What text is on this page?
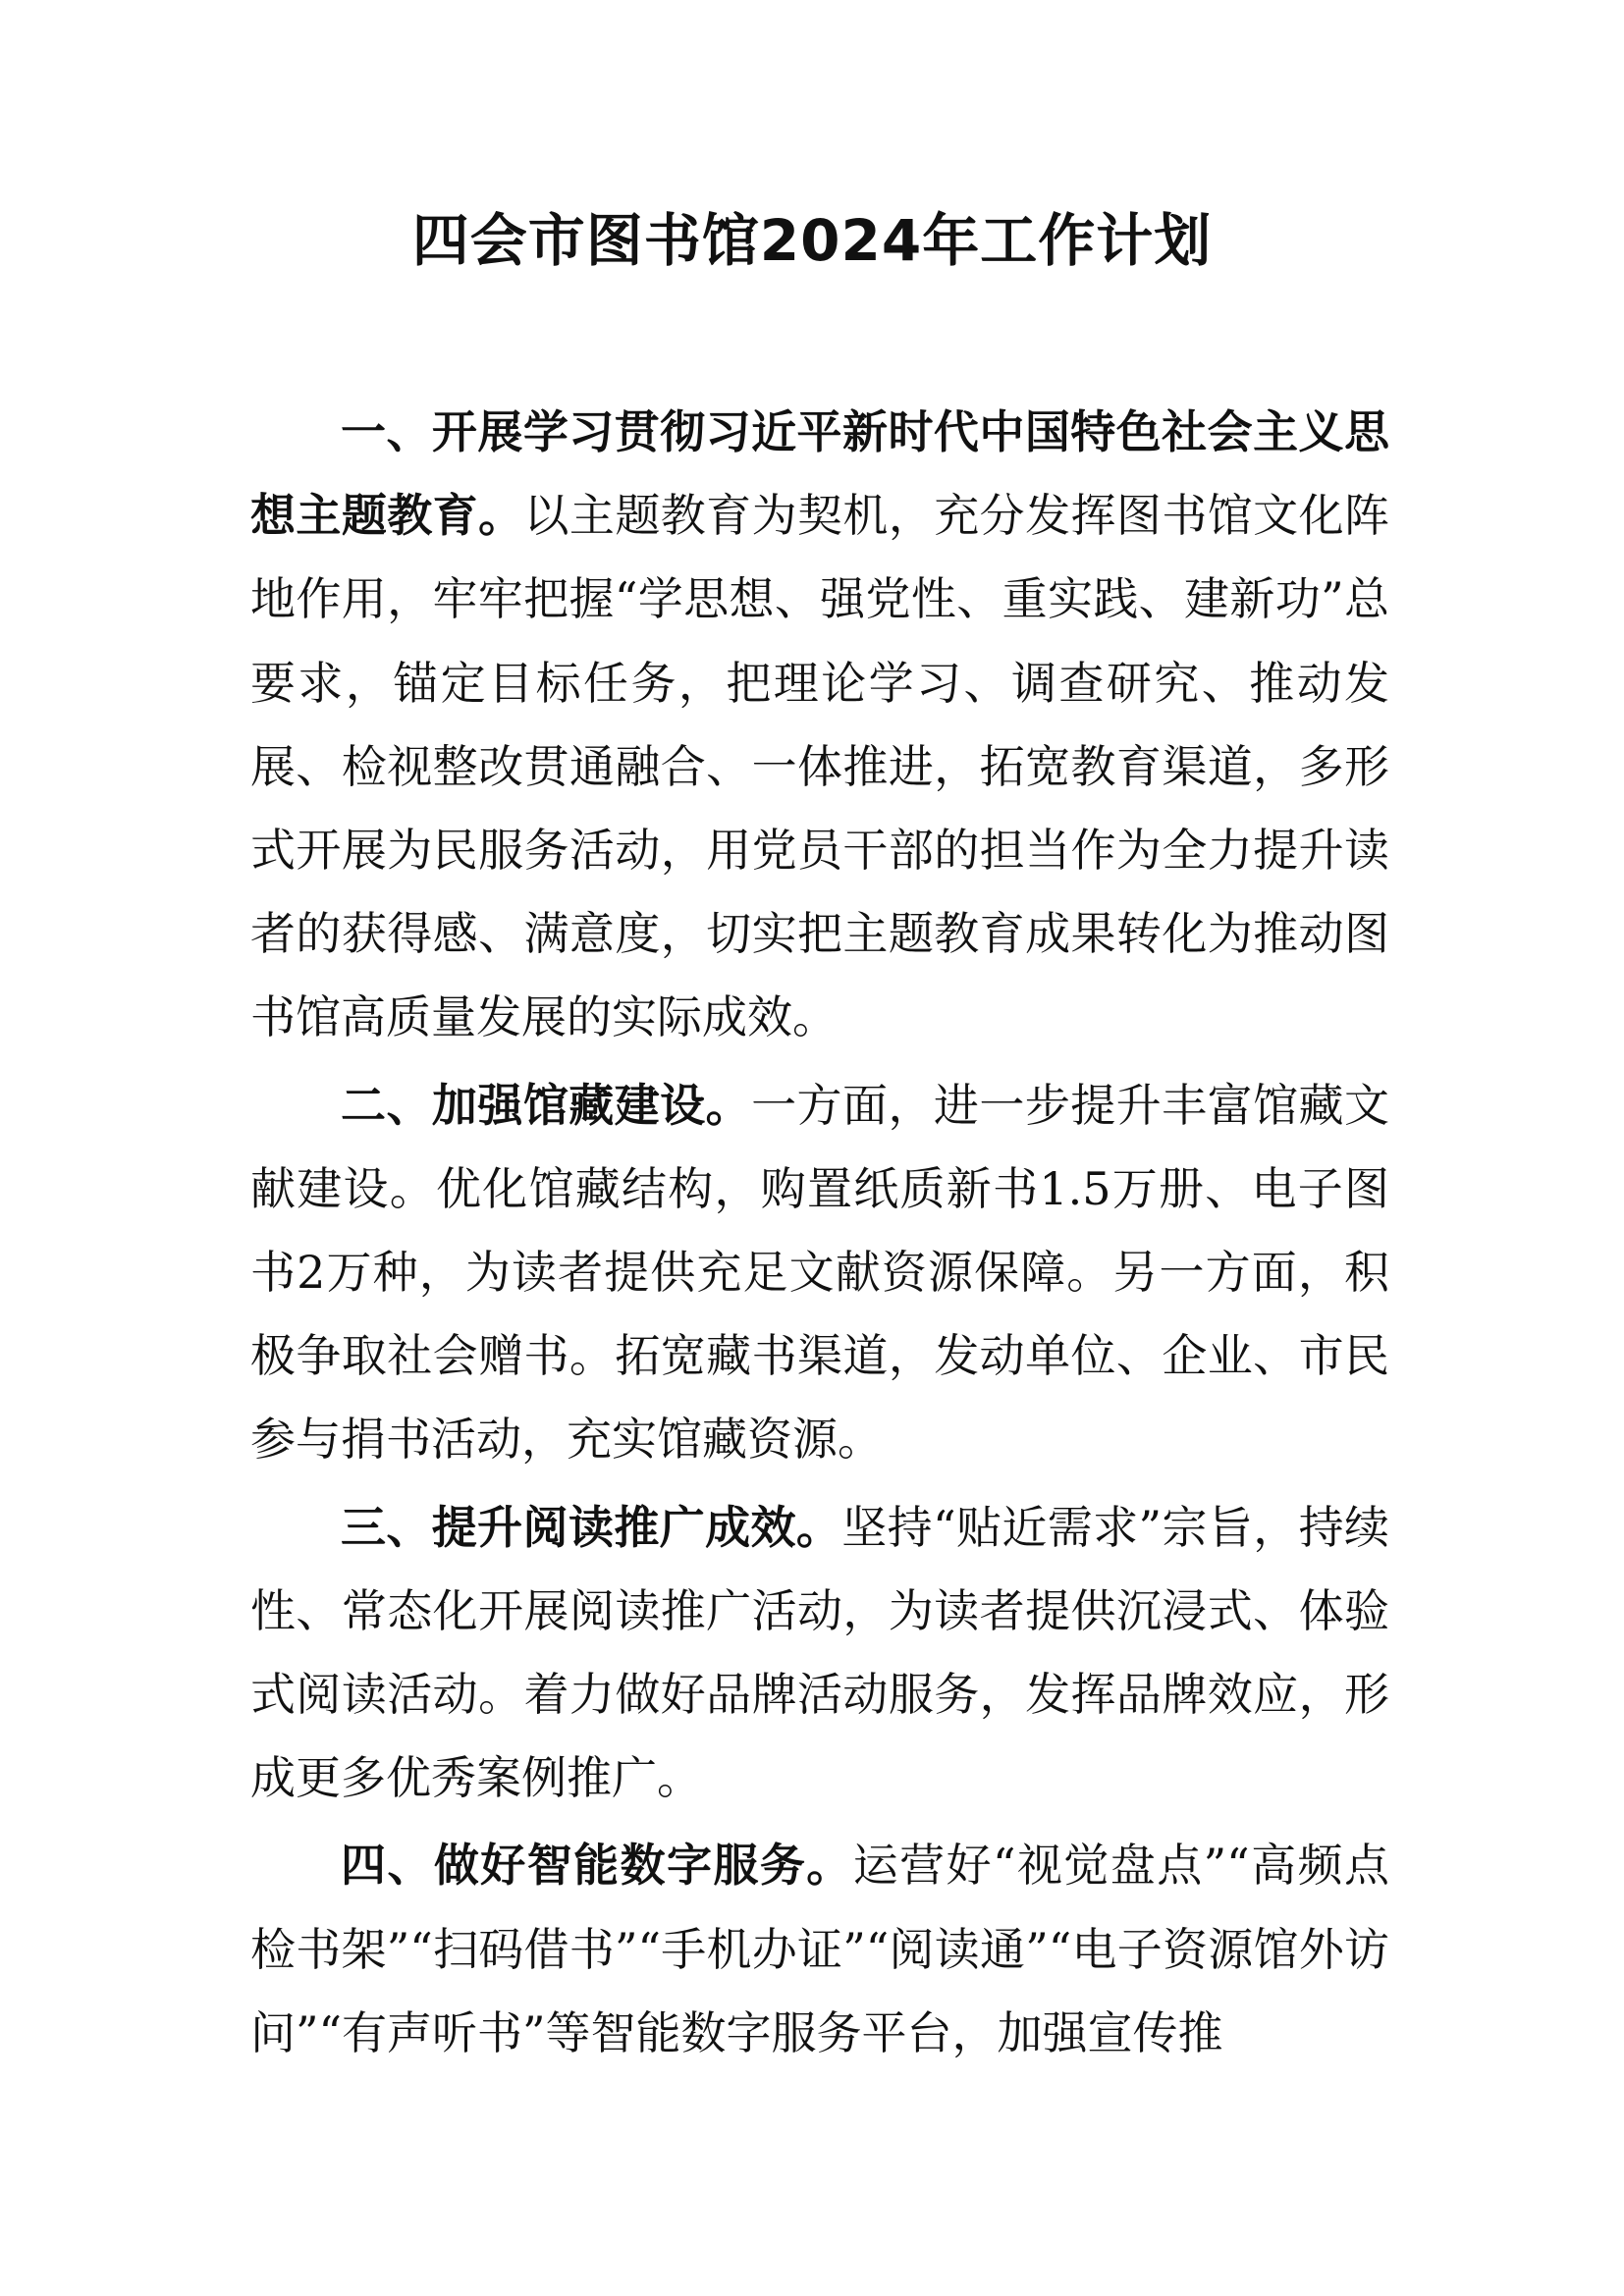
四会市图书馆2024年工作计划

一、开展学习贯彻习近平新时代中国特色社会主义思想主题教育。以主题教育为契机，充分发挥图书馆文化阵地作用，牢牢把握“学思想、强党性、重实践、建新功”总要求，锚定目标任务，把理论学习、调查研究、推动发展、检视整改贯通融合、一体推进，拓宽教育渠道，多形式开展为民服务活动，用党员干部的担当作为全力提升读者的获得感、满意度，切实把主题教育成果转化为推动图书馆高质量发展的实际成效。

二、加强馆藏建设。一方面，进一步提升丰富馆藏文献建设。优化馆藏结构，购置纸质新书1.5万册、电子图书2万种，为读者提供充足文献资源保障。另一方面，积极争取社会赠书。拓宽藏书渠道，发动单位、企业、市民参与捐书活动，充实馆藏资源。

三、提升阅读推广成效。坚持“贴近需求”宗旨，持续性、常态化开展阅读推广活动，为读者提供沉浸式、体验式阅读活动。着力做好品牌活动服务，发挥品牌效应，形成更多优秀案例推广。

四、做好智能数字服务。运营好“视觉盘点”“高频点检书架”“扫码借书”“手机办证”“阅读通”“电子资源馆外访问”“有声听书”等智能数字服务平台，加强宣传推
